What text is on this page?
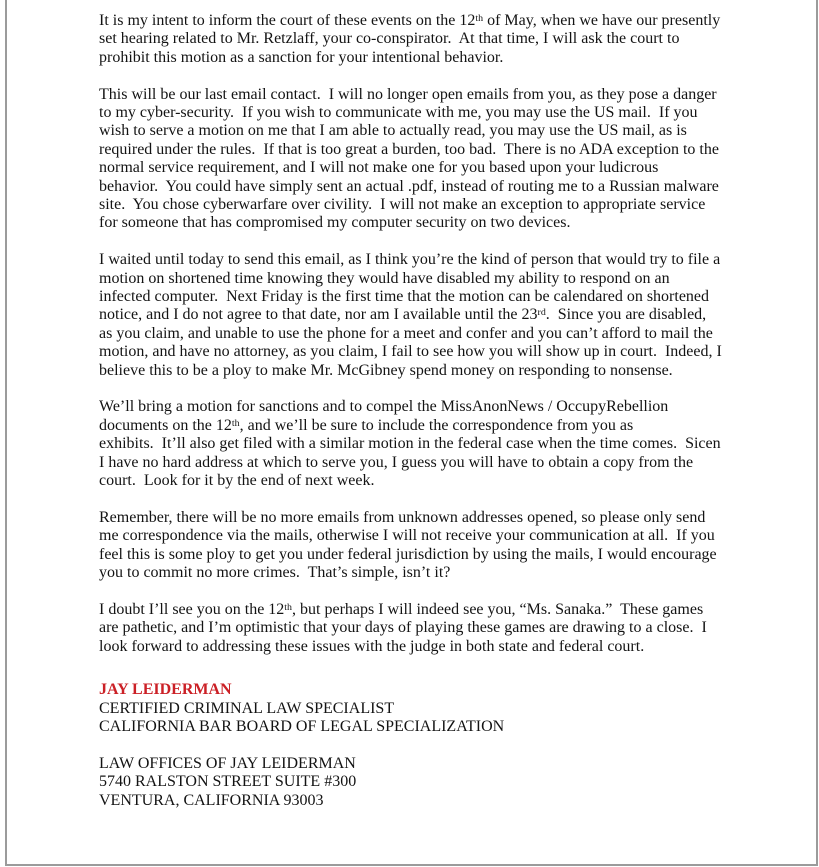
It is my intent to inform the court of these events on the 12th of May, when we have our presently
set hearing related to Mr. Retzlaff, your co-conspirator.  At that time, I will ask the court to
prohibit this motion as a sanction for your intentional behavior.

This will be our last email contact.  I will no longer open emails from you, as they pose a danger
to my cyber-security.  If you wish to communicate with me, you may use the US mail.  If you
wish to serve a motion on me that I am able to actually read, you may use the US mail, as is
required under the rules.  If that is too great a burden, too bad.  There is no ADA exception to the
normal service requirement, and I will not make one for you based upon your ludicrous
behavior.  You could have simply sent an actual .pdf, instead of routing me to a Russian malware
site.  You chose cyberwarfare over civility.  I will not make an exception to appropriate service
for someone that has compromised my computer security on two devices.

I waited until today to send this email, as I think you’re the kind of person that would try to file a
motion on shortened time knowing they would have disabled my ability to respond on an
infected computer.  Next Friday is the first time that the motion can be calendared on shortened
notice, and I do not agree to that date, nor am I available until the 23rd.  Since you are disabled,
as you claim, and unable to use the phone for a meet and confer and you can’t afford to mail the
motion, and have no attorney, as you claim, I fail to see how you will show up in court.  Indeed, I
believe this to be a ploy to make Mr. McGibney spend money on responding to nonsense.

We’ll bring a motion for sanctions and to compel the MissAnonNews / OccupyRebellion
documents on the 12th, and we’ll be sure to include the correspondence from you as
exhibits.  It’ll also get filed with a similar motion in the federal case when the time comes.  Sicen
I have no hard address at which to serve you, I guess you will have to obtain a copy from the
court.  Look for it by the end of next week.

Remember, there will be no more emails from unknown addresses opened, so please only send
me correspondence via the mails, otherwise I will not receive your communication at all.  If you
feel this is some ploy to get you under federal jurisdiction by using the mails, I would encourage
you to commit no more crimes.  That’s simple, isn’t it?

I doubt I’ll see you on the 12th, but perhaps I will indeed see you, “Ms. Sanaka.”  These games
are pathetic, and I’m optimistic that your days of playing these games are drawing to a close.  I
look forward to addressing these issues with the judge in both state and federal court.

JAY LEIDERMAN

CERTIFIED CRIMINAL LAW SPECIALIST

CALIFORNIA BAR BOARD OF LEGAL SPECIALIZATION

LAW OFFICES OF JAY LEIDERMAN

5740 RALSTON STREET SUITE #300

VENTURA, CALIFORNIA 93003
